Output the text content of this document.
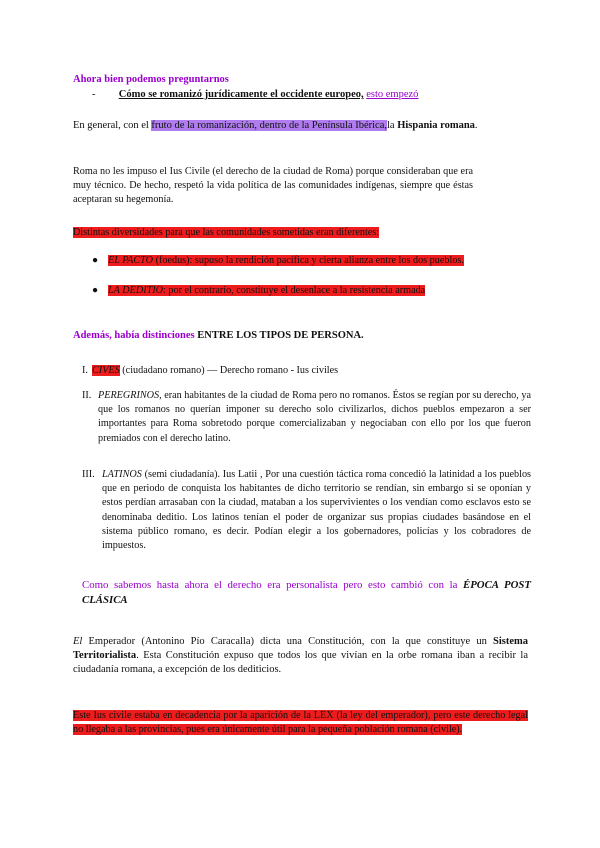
Ahora bien podemos preguntarnos
- Cómo se romanizó jurídicamente el occidente europeo, esto empezó
En general, con el fruto de la romanización, dentro de la Península Ibérica,la Hispania romana.
Roma no les impuso el Ius Civile (el derecho de la ciudad de Roma) porque consideraban que era muy técnico. De hecho, respetó la vida política de las comunidades indígenas, siempre que éstas aceptaran su hegemonía.
Distintas diversidades para que las comunidades sometidas eran diferentes:
● EL PACTO (foedus): supuso la rendición pacífica y cierta alianza entre los dos pueblos.
● LA DEDITIO: por el contrario, constituye el desenlace a la resistencia armada
Además, había distinciones ENTRE LOS TIPOS DE PERSONA.
I. CIVES (ciudadano romano) — Derecho romano - Ius civiles
II. PEREGRINOS, eran habitantes de la ciudad de Roma pero no romanos. Éstos se regían por su derecho, ya que los romanos no querían imponer su derecho solo civilizarlos, dichos pueblos empezaron a ser importantes para Roma sobretodo porque comercializaban y negociaban con ello por los que fueron premiados con el derecho latino.
III. LATINOS (semi ciudadanía). Ius Latii , Por una cuestión táctica roma concedió la latinidad a los pueblos que en periodo de conquista los habitantes de dicho territorio se rendían, sin embargo si se oponían y estos perdían arrasaban con la ciudad, mataban a los supervivientes o los vendían como esclavos esto se denominaba deditio. Los latinos tenían el poder de organizar sus propias ciudades basándose en el sistema público romano, es decir. Podían elegir a los gobernadores, policías y los cobradores de impuestos.
Como sabemos hasta ahora el derecho era personalista pero esto cambió con la ÉPOCA POST CLÁSICA
El Emperador (Antonino Pío Caracalla) dicta una Constitución, con la que constituye un Sistema Territorialista. Esta Constitución expuso que todos los que vivían en la orbe romana iban a recibir la ciudadanía romana, a excepción de los dediticios.
Este Ius civile estaba en decadencia por la aparición de la LEX (la ley del emperador), pero este derecho legal no llegaba a las provincias, pues era únicamente útil para la pequeña población romana (civile).
